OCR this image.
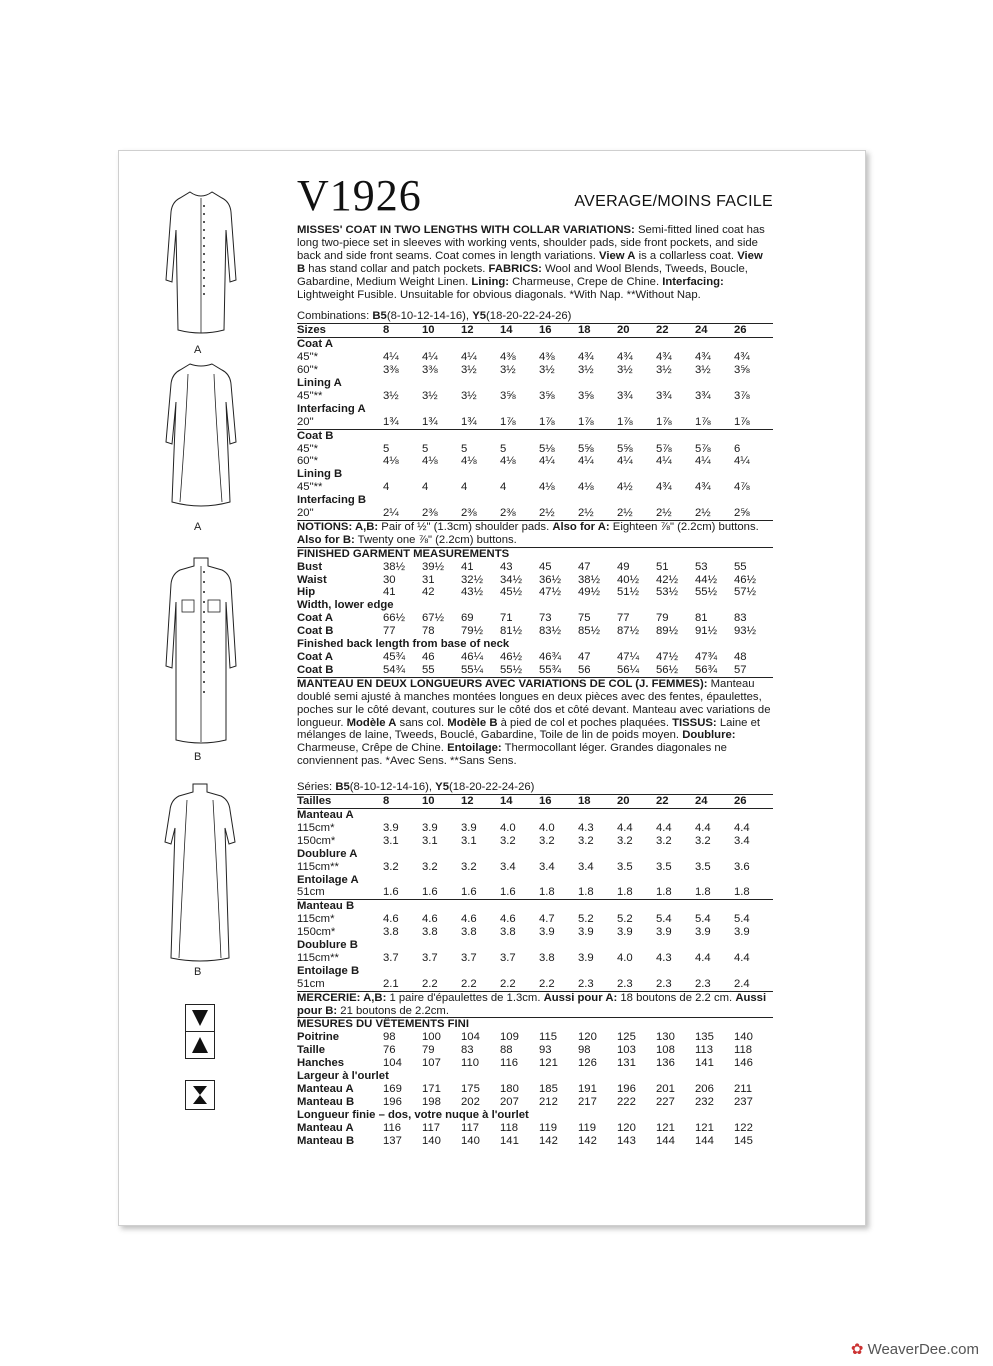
A
A
B
B
V1926	AVERAGE/MOINS FACILE

MISSES' COAT IN TWO LENGTHS WITH COLLAR VARIATIONS: Semi-fitted lined coat has long two-piece set in sleeves with working vents, shoulder pads, side front pockets, and side back and side front seams. Coat comes in length variations. View A is a collarless coat. View B has stand collar and patch pockets. FABRICS: Wool and Wool Blends, Tweeds, Boucle, Gabardine, Medium Weight Linen. Lining: Charmeuse, Crepe de Chine. Interfacing: Lightweight Fusible. Unsuitable for obvious diagonals. *With Nap. **Without Nap.

Combinations: B5(8-10-12-14-16), Y5(18-20-22-24-26)
Sizes	8	10	12	14	16	18	20	22	24	26
Coat A										
45"*	4¼	4¼	4¼	4⅜	4⅜	4¾	4¾	4¾	4¾	4¾
60"*	3⅜	3⅜	3½	3½	3½	3½	3½	3½	3½	3⅝
Lining A										
45"**	3½	3½	3½	3⅝	3⅝	3⅝	3¾	3¾	3¾	3⅞
Interfacing A										
20"	1¾	1¾	1¾	1⅞	1⅞	1⅞	1⅞	1⅞	1⅞	1⅞
Coat B										
45"*	5	5	5	5	5⅛	5⅝	5⅝	5⅞	5⅞	6
60"*	4⅛	4⅛	4⅛	4⅛	4¼	4¼	4¼	4¼	4¼	4¼
Lining B										
45"**	4	4	4	4	4⅛	4⅛	4½	4¾	4¾	4⅞
Interfacing B										
20"	2¼	2⅜	2⅜	2⅜	2½	2½	2½	2½	2½	2⅝
NOTIONS: A,B: Pair of ½" (1.3cm) shoulder pads. Also for A: Eighteen ⅞" (2.2cm) buttons. Also for B: Twenty one ⅞" (2.2cm) buttons.
FINISHED GARMENT MEASUREMENTS
Bust	38½	39½	41	43	45	47	49	51	53	55
Waist	30	31	32½	34½	36½	38½	40½	42½	44½	46½
Hip	41	42	43½	45½	47½	49½	51½	53½	55½	57½
Width, lower edge										
Coat A	66½	67½	69	71	73	75	77	79	81	83
Coat B	77	78	79½	81½	83½	85½	87½	89½	91½	93½
Finished back length from base of neck										
Coat A	45¾	46	46¼	46½	46¾	47	47¼	47½	47¾	48
Coat B	54¾	55	55¼	55½	55¾	56	56¼	56½	56¾	57

MANTEAU EN DEUX LONGUEURS AVEC VARIATIONS DE COL (J. FEMMES): Manteau doublé semi ajusté à manches montées longues en deux pièces avec des fentes, épaulettes, poches sur le côté devant, coutures sur le côté dos et côté devant. Manteau avec variations de longueur. Modèle A sans col. Modèle B à pied de col et poches plaquées. TISSUS: Laine et mélanges de laine, Tweeds, Bouclé, Gabardine, Toile de lin de poids moyen. Doublure: Charmeuse, Crêpe de Chine. Entoilage: Thermocollant léger. Grandes diagonales ne conviennent pas. *Avec Sens. **Sans Sens.

Séries: B5(8-10-12-14-16), Y5(18-20-22-24-26)
Tailles	8	10	12	14	16	18	20	22	24	26
Manteau A										
115cm*	3.9	3.9	3.9	4.0	4.0	4.3	4.4	4.4	4.4	4.4
150cm*	3.1	3.1	3.1	3.2	3.2	3.2	3.2	3.2	3.2	3.4
Doublure A										
115cm**	3.2	3.2	3.2	3.4	3.4	3.4	3.5	3.5	3.5	3.6
Entoilage A										
51cm	1.6	1.6	1.6	1.6	1.8	1.8	1.8	1.8	1.8	1.8
Manteau B										
115cm*	4.6	4.6	4.6	4.6	4.7	5.2	5.2	5.4	5.4	5.4
150cm*	3.8	3.8	3.8	3.8	3.9	3.9	3.9	3.9	3.9	3.9
Doublure B										
115cm**	3.7	3.7	3.7	3.7	3.8	3.9	4.0	4.3	4.4	4.4
Entoilage B										
51cm	2.1	2.2	2.2	2.2	2.2	2.3	2.3	2.3	2.3	2.4
MERCERIE: A,B: 1 paire d'épaulettes de 1.3cm. Aussi pour A: 18 boutons de 2.2 cm. Aussi pour B: 21 boutons de 2.2cm.
MESURES DU VÊTEMENTS FINI
Poitrine	98	100	104	109	115	120	125	130	135	140
Taille	76	79	83	88	93	98	103	108	113	118
Hanches	104	107	110	116	121	126	131	136	141	146
Largeur à l'ourlet										
Manteau A	169	171	175	180	185	191	196	201	206	211
Manteau B	196	198	202	207	212	217	222	227	232	237
Longueur finie – dos, votre nuque à l'ourlet										
Manteau A	116	117	117	118	119	119	120	121	121	122
Manteau B	137	140	140	141	142	142	143	144	144	145
✿ WeaverDee.com
